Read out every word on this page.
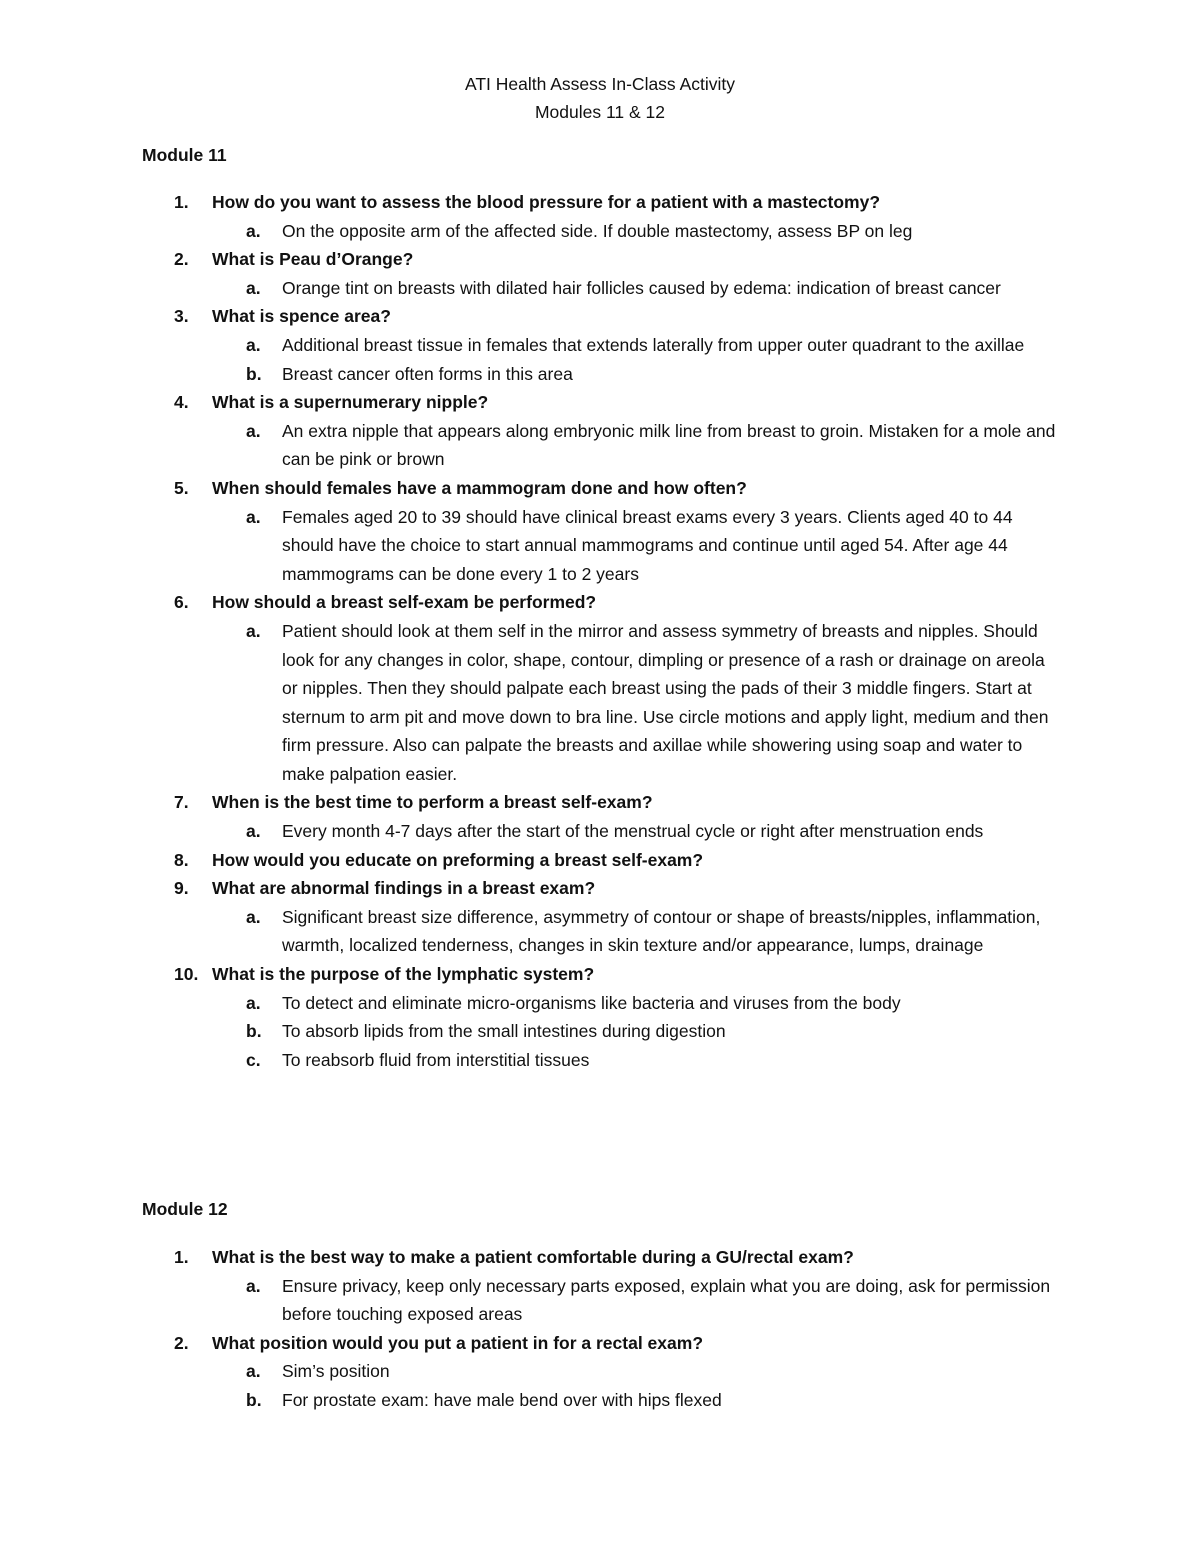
ATI Health Assess In-Class Activity
Modules 11 & 12
Module 11
1. How do you want to assess the blood pressure for a patient with a mastectomy?
a. On the opposite arm of the affected side. If double mastectomy, assess BP on leg
2. What is Peau d’Orange?
a. Orange tint on breasts with dilated hair follicles caused by edema: indication of breast cancer
3. What is spence area?
a. Additional breast tissue in females that extends laterally from upper outer quadrant to the axillae
b. Breast cancer often forms in this area
4. What is a supernumerary nipple?
a. An extra nipple that appears along embryonic milk line from breast to groin. Mistaken for a mole and can be pink or brown
5. When should females have a mammogram done and how often?
a. Females aged 20 to 39 should have clinical breast exams every 3 years. Clients aged 40 to 44 should have the choice to start annual mammograms and continue until aged 54. After age 44 mammograms can be done every 1 to 2 years
6. How should a breast self-exam be performed?
a. Patient should look at them self in the mirror and assess symmetry of breasts and nipples. Should look for any changes in color, shape, contour, dimpling or presence of a rash or drainage on areola or nipples. Then they should palpate each breast using the pads of their 3 middle fingers. Start at sternum to arm pit and move down to bra line. Use circle motions and apply light, medium and then firm pressure. Also can palpate the breasts and axillae while showering using soap and water to make palpation easier.
7. When is the best time to perform a breast self-exam?
a. Every month 4-7 days after the start of the menstrual cycle or right after menstruation ends
8. How would you educate on preforming a breast self-exam?
9. What are abnormal findings in a breast exam?
a. Significant breast size difference, asymmetry of contour or shape of breasts/nipples, inflammation, warmth, localized tenderness, changes in skin texture and/or appearance, lumps, drainage
10. What is the purpose of the lymphatic system?
a. To detect and eliminate micro-organisms like bacteria and viruses from the body
b. To absorb lipids from the small intestines during digestion
c. To reabsorb fluid from interstitial tissues
Module 12
1. What is the best way to make a patient comfortable during a GU/rectal exam?
a. Ensure privacy, keep only necessary parts exposed, explain what you are doing, ask for permission before touching exposed areas
2. What position would you put a patient in for a rectal exam?
a. Sim’s position
b. For prostate exam: have male bend over with hips flexed
